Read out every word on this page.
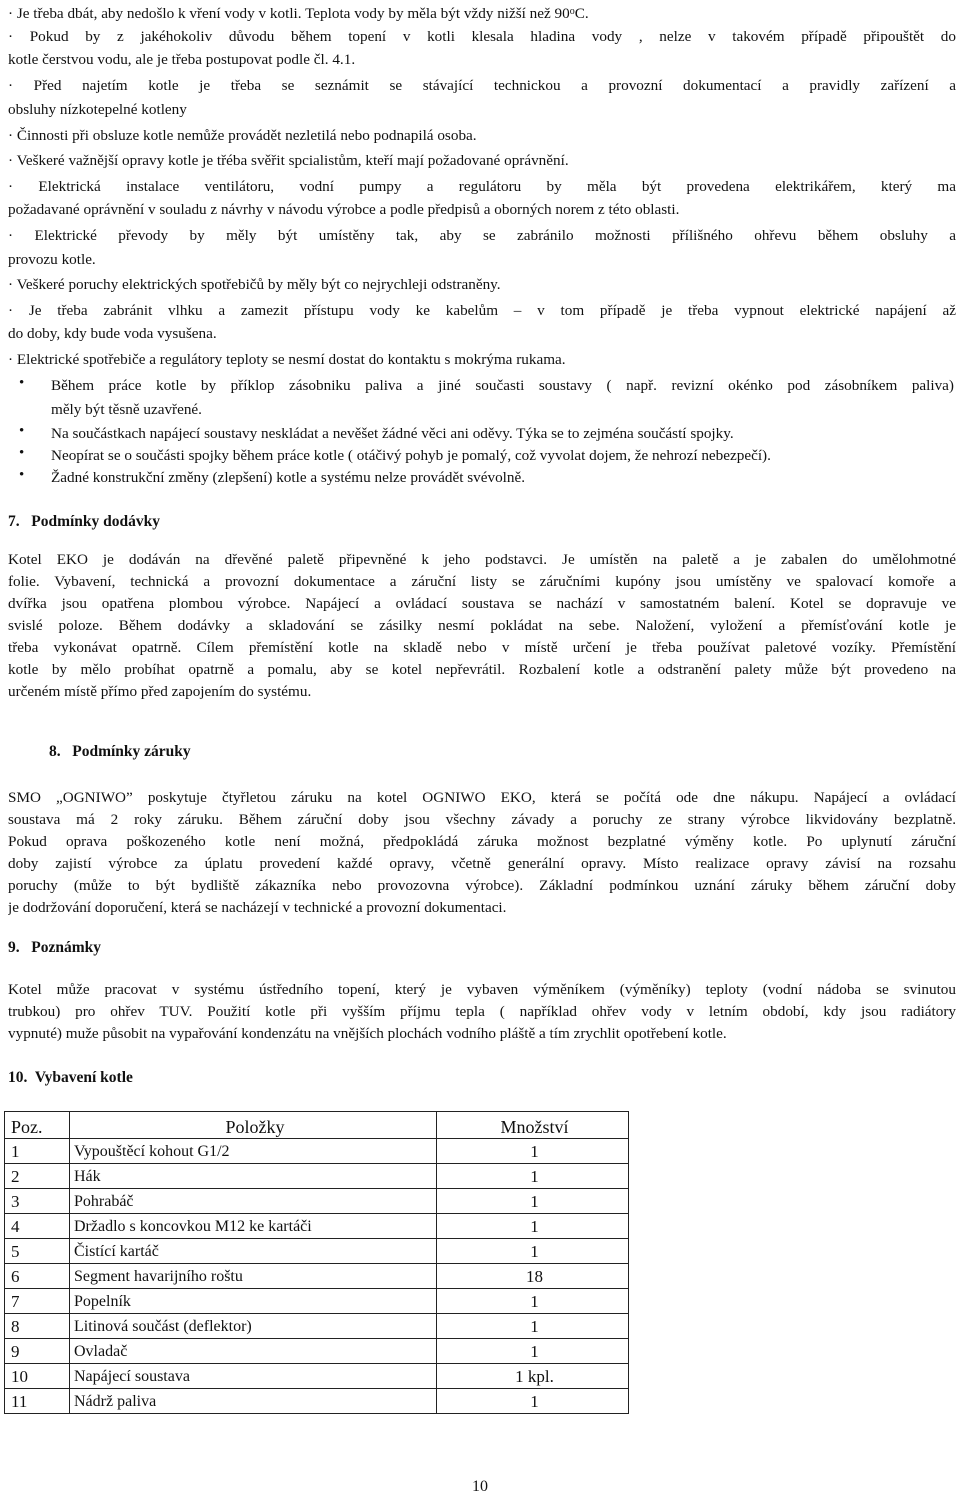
· Je třeba dbát, aby nedošlo k vření vody v kotli. Teplota vody by měla být vždy nižší než $90^oC$.
· Pokud by z jakéhokoliv důvodu během topení v kotli klesala hladina vody , nelze v takovém případě připouštět do
kotle čerstvou vodu, ale je třeba postupovat podle čl. 4.1.
· Před najetím kotle je třeba se seznámit se stávající technickou a provozní dokumentací a pravidly zařízení a
obsluhy nízkotepelné kotleny
· Činnosti při obsluze kotle nemůže provádět nezletilá nebo podnapilá osoba.
· Veškeré važnější opravy kotle je třéba svěřit spcialistům, kteří mají požadované oprávnění.
· Elektrická instalace ventilátoru, vodní pumpy a regulátoru by měla být provedena elektrikářem, který ma
požadavané oprávnění v souladu z návrhy v návodu výrobce a podle předpisů a oborných norem z této oblasti.
· Elektrické převody by měly být umístěny tak, aby se zabránilo možnosti přílišného ohřevu během obsluhy a
provozu kotle.
· Veškeré poruchy elektrických spotřebičů by měly být co nejrychleji odstraněny.
· Je třeba zabránit vlhku a zamezit přístupu vody ke kabelům – v tom případě je třeba vypnout elektrické napájení až
do doby, kdy bude voda vysušena.
· Elektrické spotřebiče a regulátory teploty se nesmí dostat do kontaktu s mokrýma rukama.
• Během práce kotle by příklop zásobniku paliva a jiné současti soustavy ( např. revizní okénko pod zásobníkem paliva)
měly být těsně uzavřené.
• Na součástkach napájecí soustavy neskládat a nevěšet žádné věci ani oděvy. Týka se to zejména součástí spojky.
• Neopírat se o součásti spojky během práce kotle ( otáčivý pohyb je pomalý, což vyvolat dojem, že nehrozí nebezpečí).
• Žadné konstrukční změny (zlepšení) kotle a systému nelze provádět svévolně.
7.   Podmínky dodávky
Kotel EKO je dodáván na dřevěné paletě připevněné k jeho podstavci. Je umístěn na paletě a je zabalen do umělohmotné
folie. Vybavení, technická a provozní dokumentace a záruční listy se záručními kupóny jsou umístěny ve spalovací komoře a
dvířka jsou opatřena plombou výrobce. Napájecí a ovládací soustava se nachází v samostatném balení. Kotel se dopravuje ve
svislé poloze. Během dodávky a skladování se zásilky nesmí pokládat na sebe. Naložení, vyložení a přemísťování kotle je
třeba vykonávat opatrně. Cílem přemístění kotle na skladě nebo v místě určení je třeba používat paletové vozíky. Přemístění
kotle by mělo probíhat opatrně a pomalu, aby se kotel nepřevrátil. Rozbalení kotle a odstranění palety může být provedeno na
určeném místě přímo před zapojením do systému.
8.   Podmínky záruky
SMO „OGNIWO” poskytuje čtyřletou záruku na kotel OGNIWO EKO, která se počítá ode dne nákupu. Napájecí a ovládací
soustava má 2 roky záruku. Během záruční doby jsou všechny závady a poruchy ze strany výrobce likvidovány bezplatně.
Pokud oprava poškozeného kotle není možná, předpokládá záruka možnost bezplatné výměny kotle. Po uplynutí záruční
doby zajistí výrobce za úplatu provedení každé opravy, včetně generální opravy. Místo realizace opravy závisí na rozsahu
poruchy (může to být bydliště zákazníka nebo provozovna výrobce). Základní podmínkou uznání záruky během záruční doby
je dodržování doporučení, která se nacházejí v technické a provozní dokumentaci.
9.   Poznámky
Kotel může pracovat v systému ústředního topení, který je vybaven výměníkem (výměníky) teploty (vodní nádoba se svinutou
trubkou) pro ohřev TUV. Použití kotle při vyšším příjmu tepla ( například ohřev vody v letním období, kdy jsou radiátory
vypnuté) muže působit na vypařování kondenzátu na vnějších plochách vodního pláště a tím zrychlit opotřebení kotle.
10.  Vybavení kotle
Poz.	Položky	Množství
1	Vypouštěcí kohout G1/2	1
2	Hák	1
3	Pohrabáč	1
4	Držadlo s koncovkou M12 ke kartáči	1
5	Čistící kartáč	1
6	Segment havarijního roštu	18
7	Popelník	1
8	Litinová součást (deflektor)	1
9	Ovladač	1
10	Napájecí soustava	1 kpl.
11	Nádrž paliva	1
10
